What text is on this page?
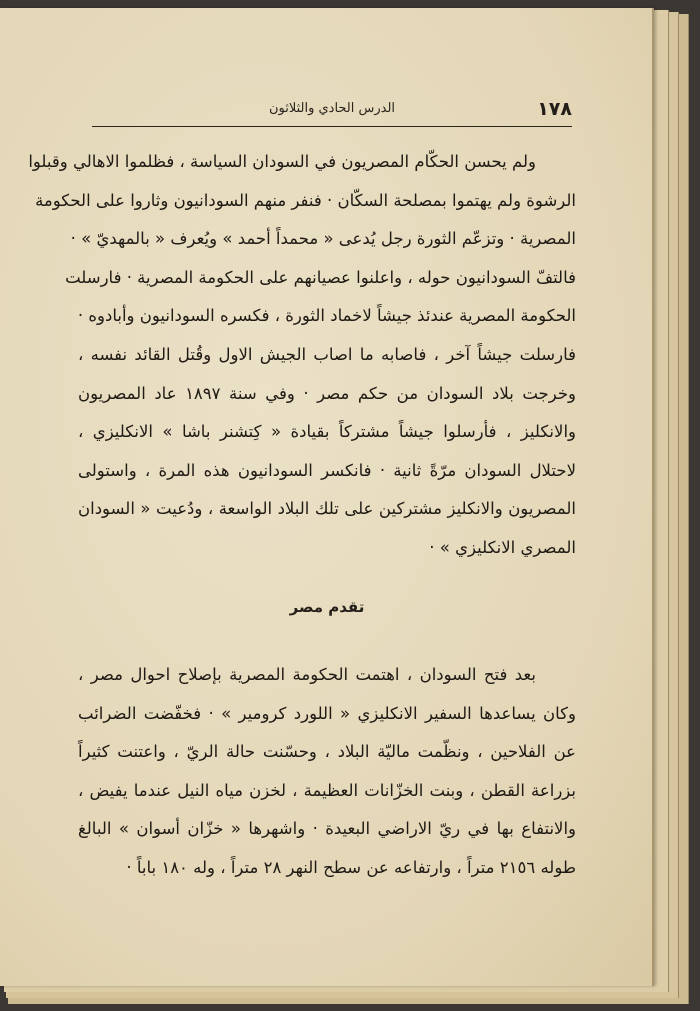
١٧٨
الدرس الحادي والثلاثون
ولم يحسن الحكّام المصريون في السودان السياسة ، فظلموا الاهالي وقبلوا
الرشوة ولم يهتموا بمصلحة السكّان · فنفر منهم السودانيون وثاروا على الحكومة
المصرية · وتزعّم الثورة رجل يُدعى « محمداً أحمد » ويُعرف « بالمهديّ » ·
فالتفّ السودانيون حوله ، واعلنوا عصيانهم على الحكومة المصرية · فارسلت
الحكومة المصرية عندئذ جيشاً لاخماد الثورة ، فكسره السودانيون وأبادوه ·
فارسلت جيشاً آخر ، فاصابه ما اصاب الجيش الاول وقُتل القائد نفسه ،
وخرجت بلاد السودان من حكم مصر · وفي سنة ١٨٩٧ عاد المصريون
والانكليز ، فأرسلوا جيشاً مشتركاً بقيادة « كِتشنر باشا » الانكليزي ،
لاحتلال السودان مرّةً ثانية · فانكسر السودانيون هذه المرة ، واستولى
المصريون والانكليز مشتركين على تلك البلاد الواسعة ، ودُعيت « السودان
المصري الانكليزي » ·
تقدم مصر
بعد فتح السودان ، اهتمت الحكومة المصرية بإصلاح احوال مصر ،
وكان يساعدها السفير الانكليزي « اللورد كرومير » · فخفّضت الضرائب
عن الفلاحين ، ونظّمت ماليّة البلاد ، وحسّنت حالة الريّ ، واعتنت كثيراً
بزراعة القطن ، وبنت الخزّانات العظيمة ، لخزن مياه النيل عندما يفيض ،
والانتفاع بها في ريّ الاراضي البعيدة · واشهرها « خزّان أسوان » البالغ
طوله ٢١٥٦ متراً ، وارتفاعه عن سطح النهر ٢٨ متراً ، وله ١٨٠ باباً ·
